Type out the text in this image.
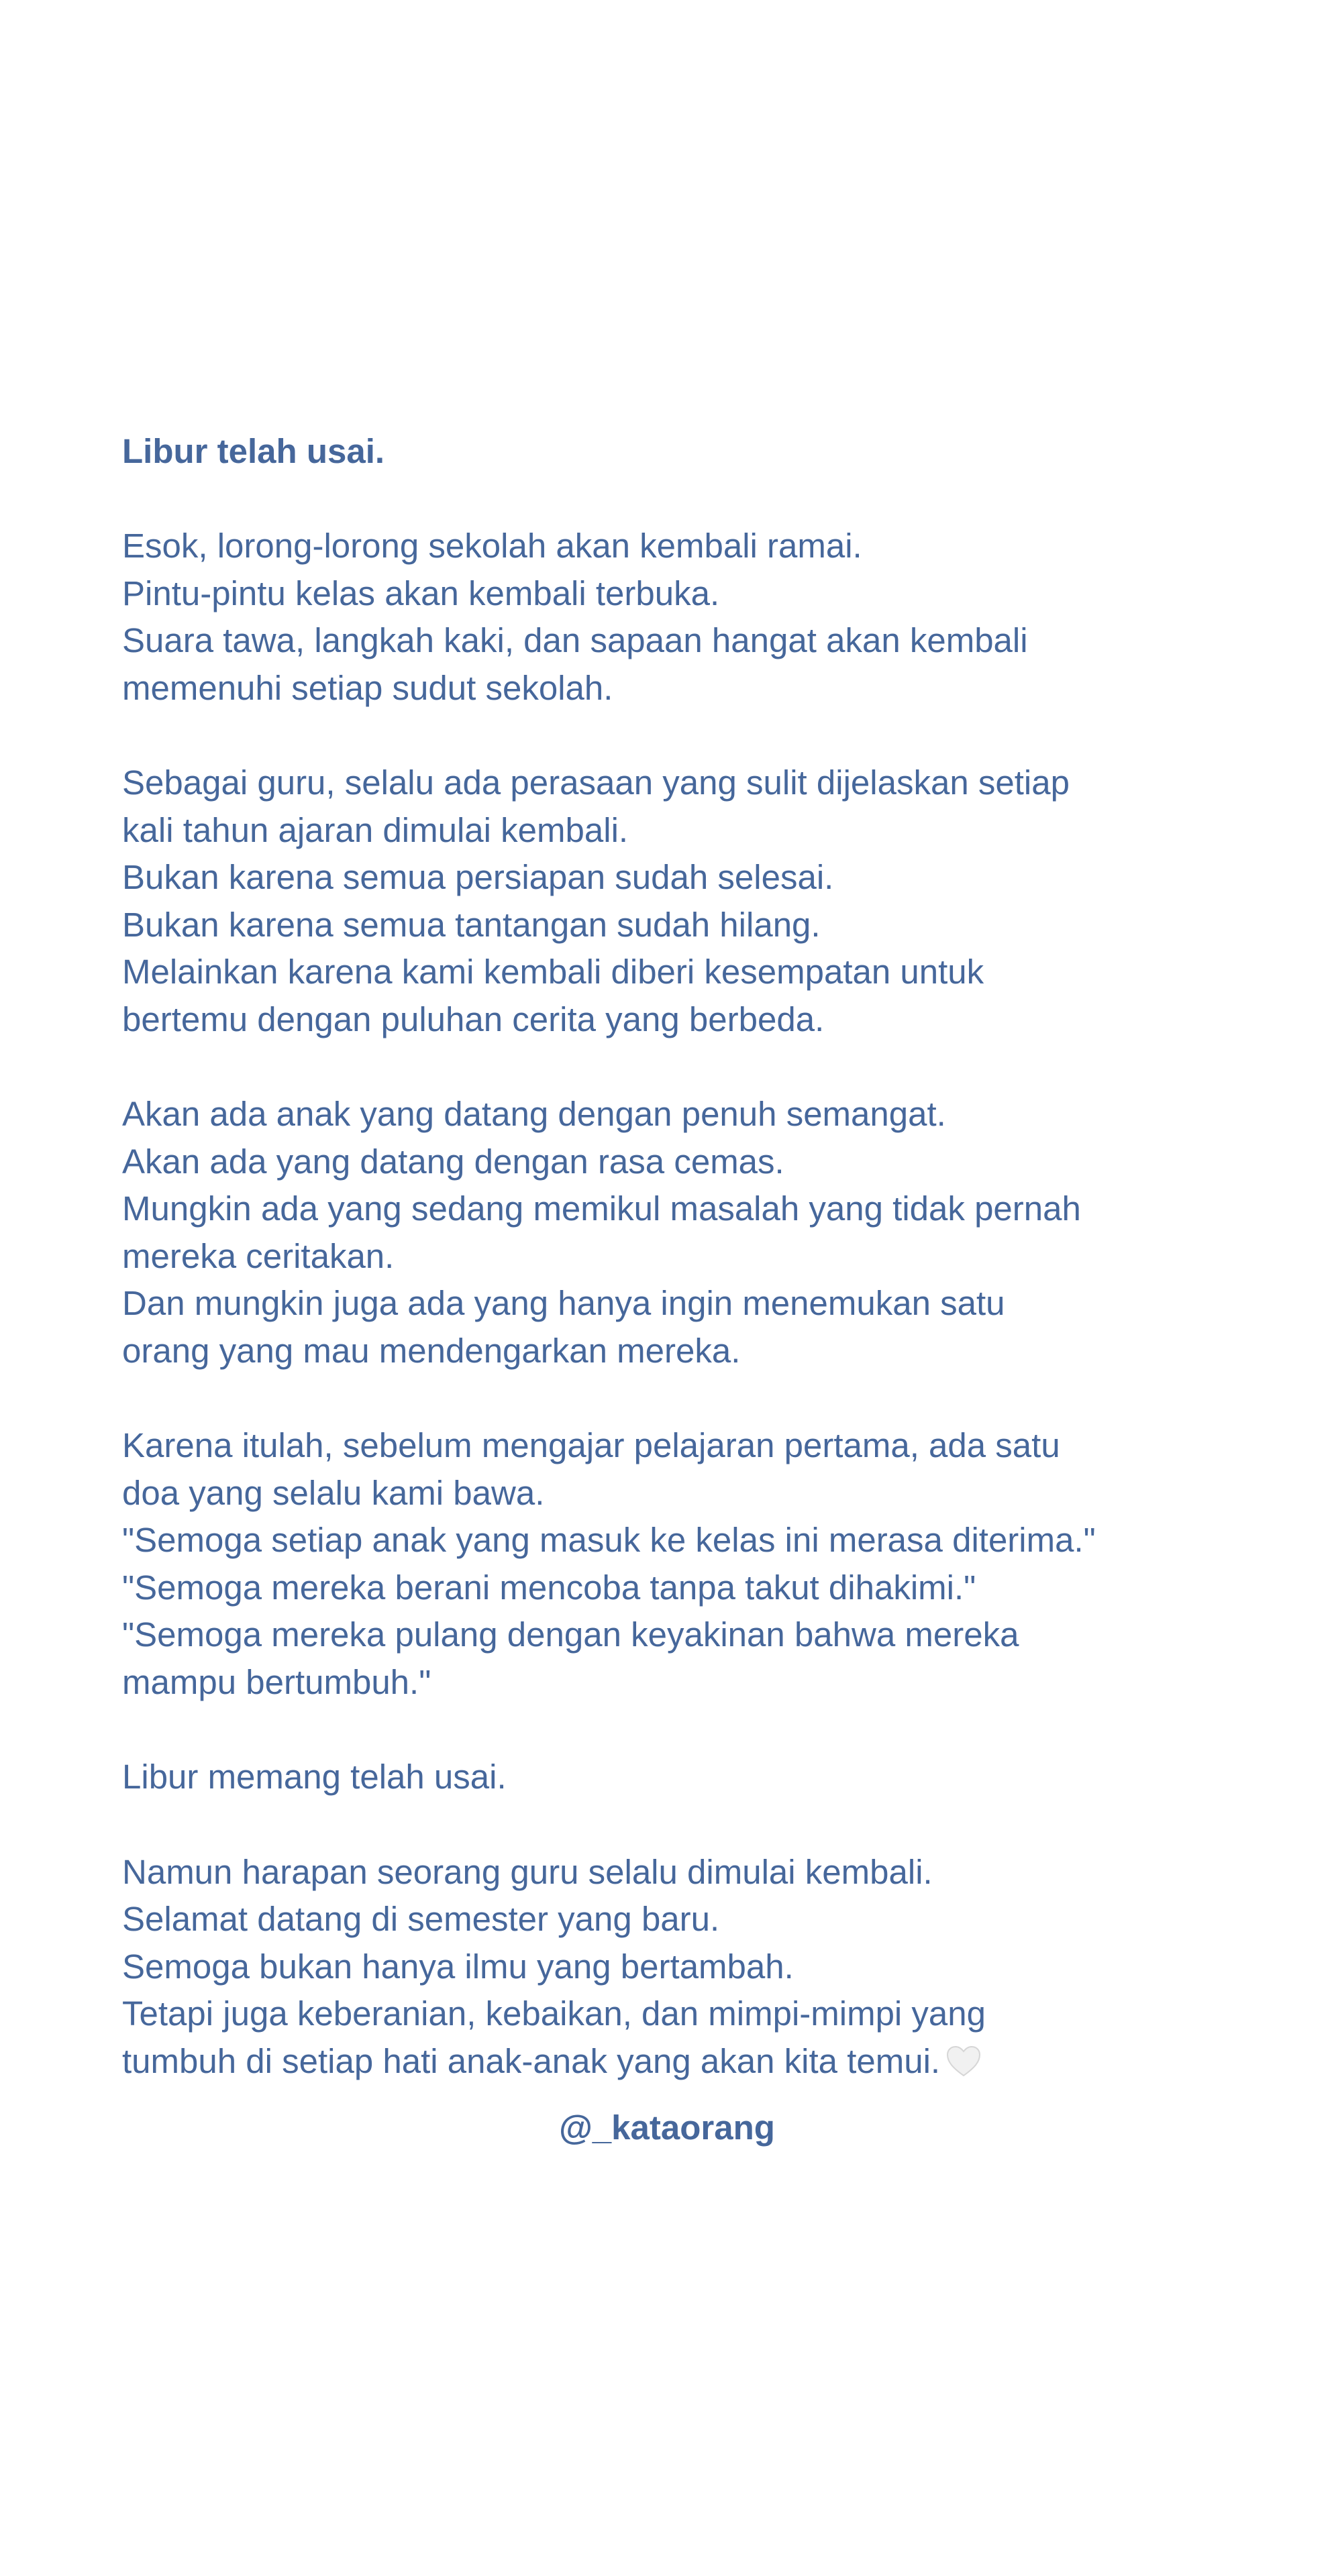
Libur telah usai.

Esok, lorong-lorong sekolah akan kembali ramai.
Pintu-pintu kelas akan kembali terbuka.
Suara tawa, langkah kaki, dan sapaan hangat akan kembali
memenuhi setiap sudut sekolah.
Sebagai guru, selalu ada perasaan yang sulit dijelaskan setiap
kali tahun ajaran dimulai kembali.
Bukan karena semua persiapan sudah selesai.
Bukan karena semua tantangan sudah hilang.
Melainkan karena kami kembali diberi kesempatan untuk
bertemu dengan puluhan cerita yang berbeda.
Akan ada anak yang datang dengan penuh semangat.
Akan ada yang datang dengan rasa cemas.
Mungkin ada yang sedang memikul masalah yang tidak pernah
mereka ceritakan.
Dan mungkin juga ada yang hanya ingin menemukan satu
orang yang mau mendengarkan mereka.
Karena itulah, sebelum mengajar pelajaran pertama, ada satu
doa yang selalu kami bawa.
"Semoga setiap anak yang masuk ke kelas ini merasa diterima."
"Semoga mereka berani mencoba tanpa takut dihakimi."
"Semoga mereka pulang dengan keyakinan bahwa mereka
mampu bertumbuh."
Libur memang telah usai.
Namun harapan seorang guru selalu dimulai kembali.
Selamat datang di semester yang baru.
Semoga bukan hanya ilmu yang bertambah.
Tetapi juga keberanian, kebaikan, dan mimpi-mimpi yang
tumbuh di setiap hati anak-anak yang akan kita temui.
@_kataorang
